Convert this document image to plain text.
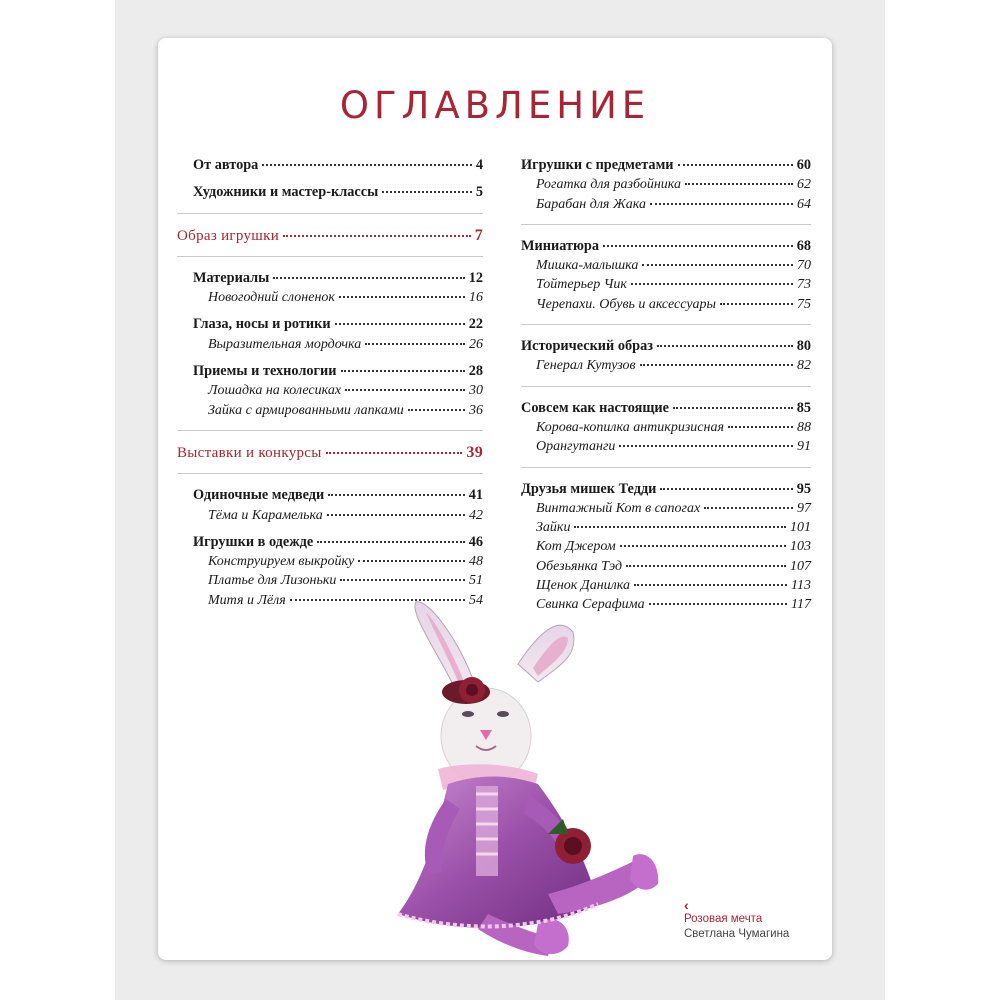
ОГЛАВЛЕНИЕ
От автора	4
Художники и мастер-классы	5
Образ игрушки	7
Материалы	12
Новогодний слоненок	16
Глаза, носы и ротики	22
Выразительная мордочка	26
Приемы и технологии	28
Лошадка на колесиках	30
Зайка с армированными лапками	36
Выставки и конкурсы	39
Одиночные медведи	41
Тёма и Карамелька	42
Игрушки в одежде	46
Конструируем выкройку	48
Платье для Лизоньки	51
Митя и Лёля	54
Игрушки с предметами	60
Рогатка для разбойника	62
Барабан для Жака	64
Миниатюра	68
Мишка-малышка	70
Тойтерьер Чик	73
Черепахи. Обувь и аксессуары	75
Исторический образ	80
Генерал Кутузов	82
Совсем как настоящие	85
Корова-копилка антикризисная	88
Орангутанги	91
Друзья мишек Тедди	95
Винтажный Кот в сапогах	97
Зайки	101
Кот Джером	103
Обезьянка Тэд	107
Щенок Данилка	113
Свинка Серафима	117
‹
Розовая мечта
Светлана Чумагина
